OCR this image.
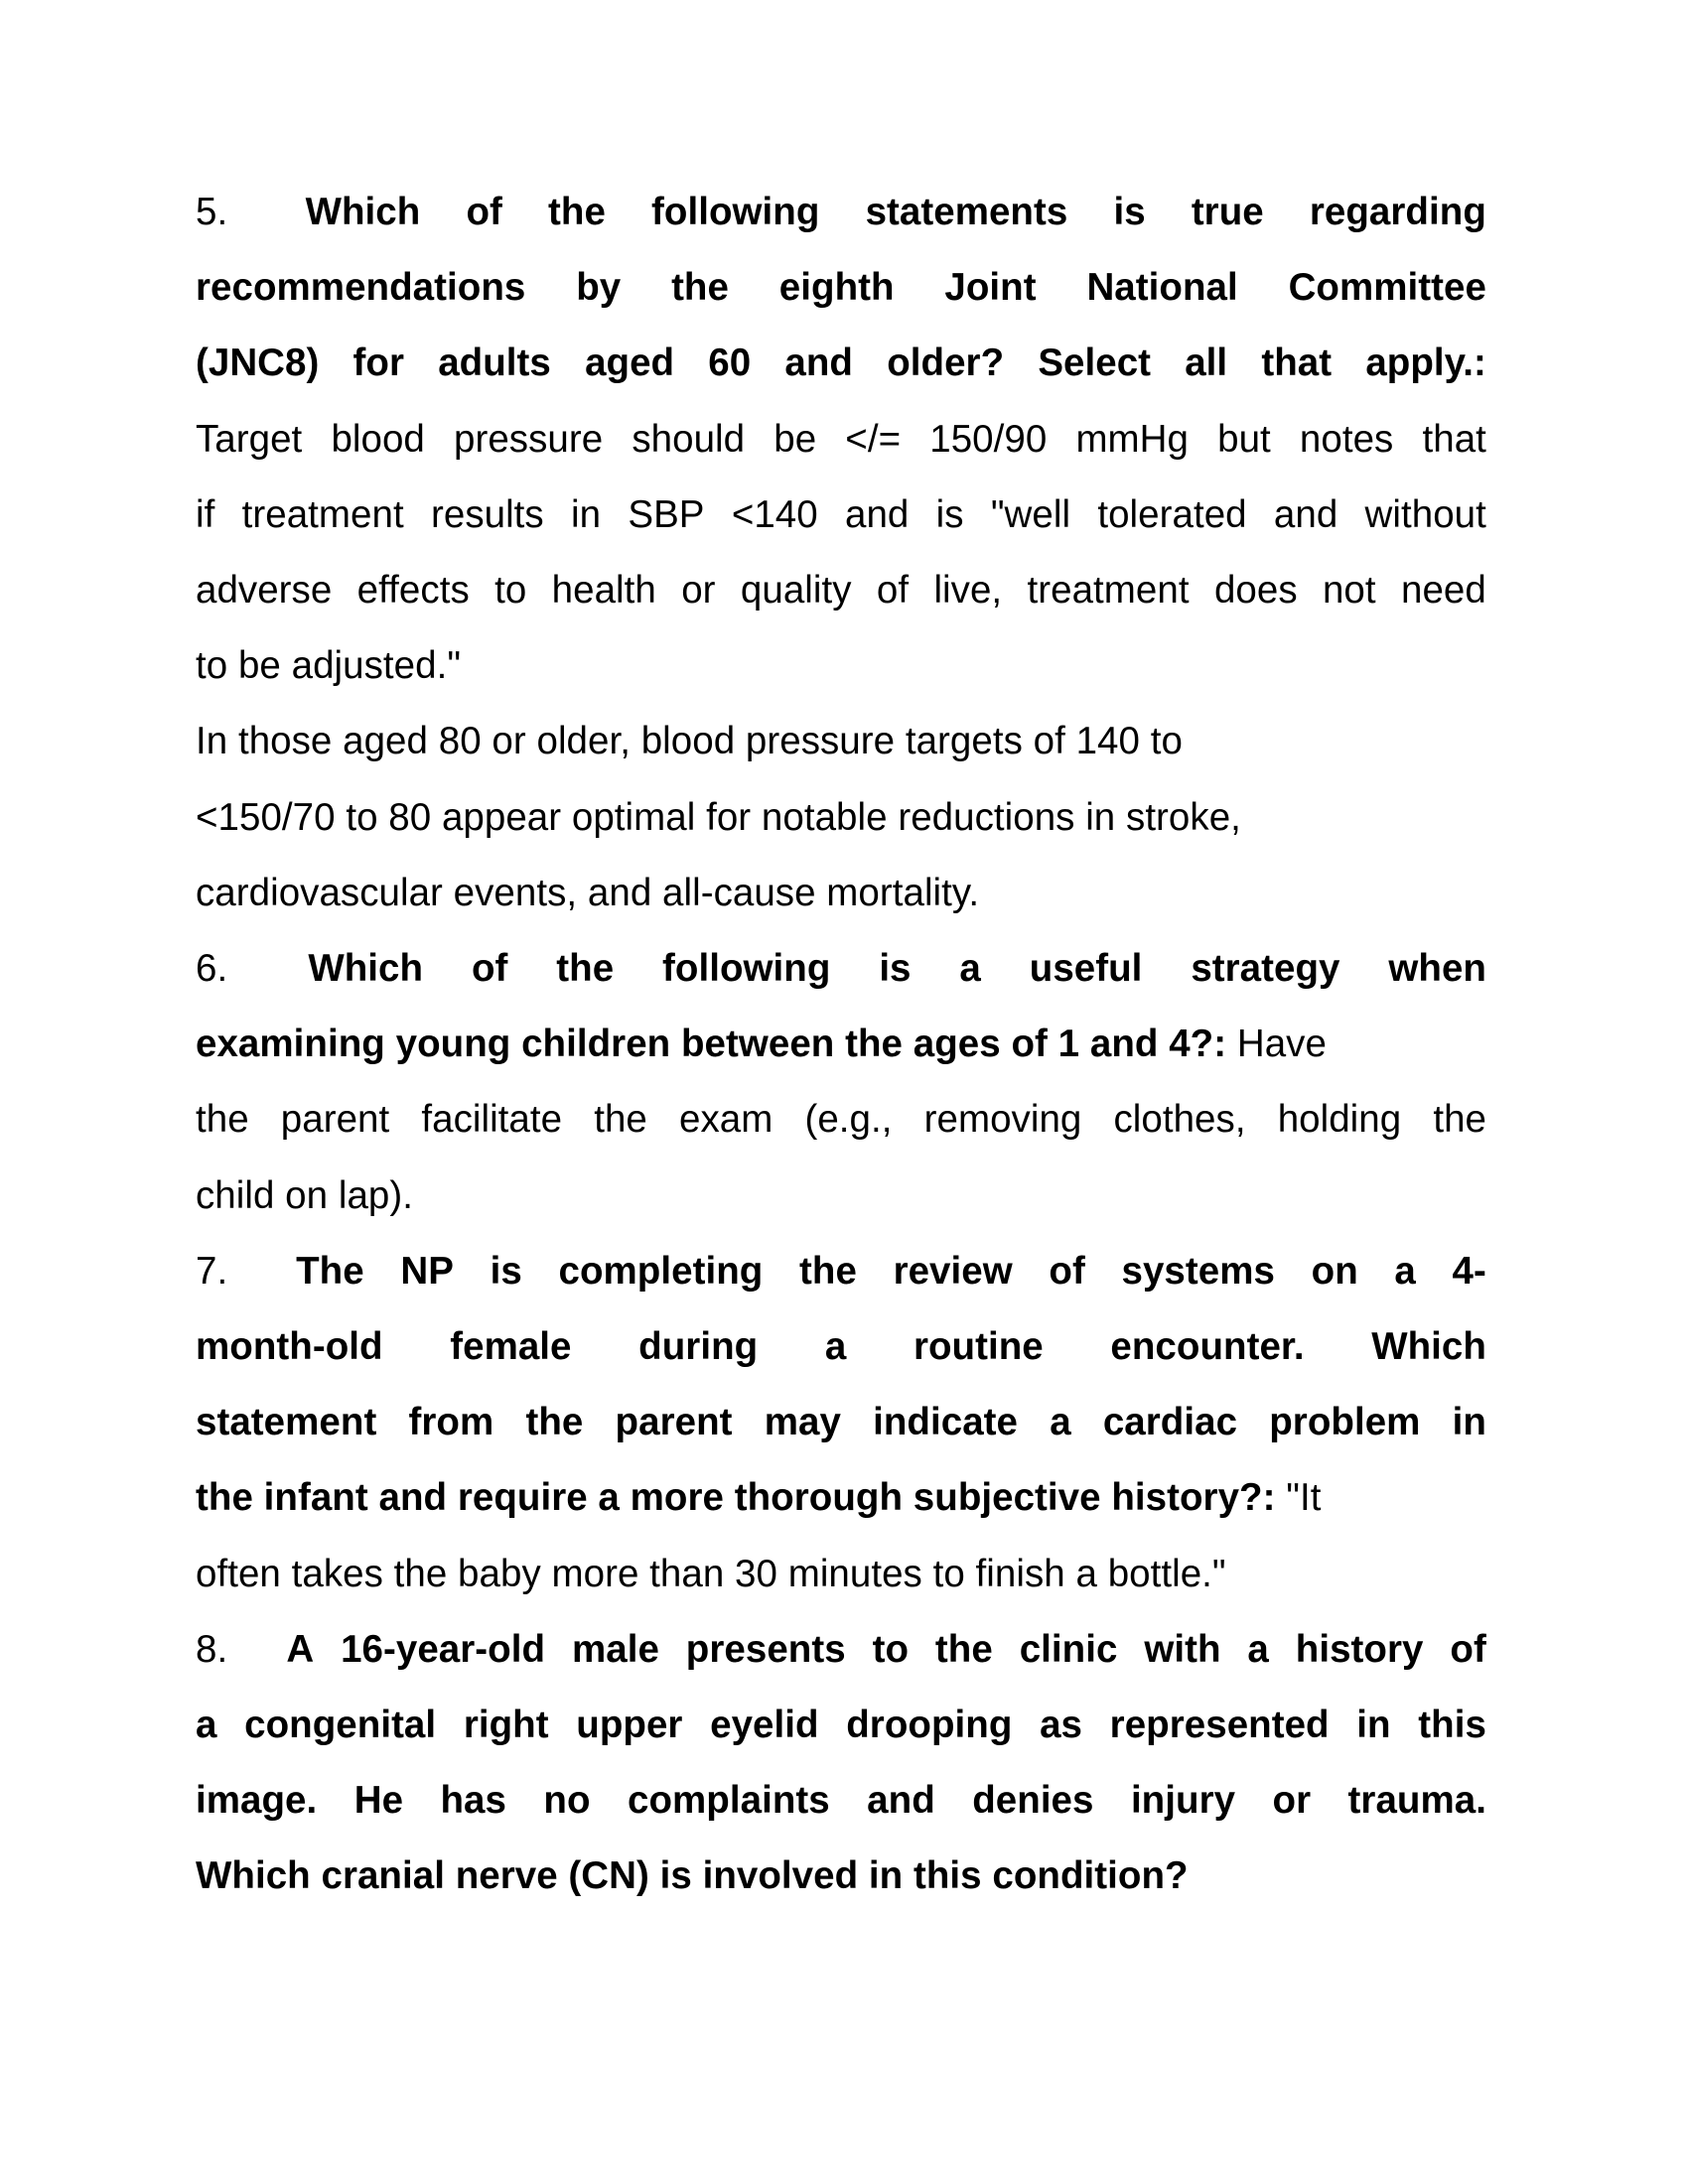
5. Which of the following statements is true regarding
recommendations by the eighth Joint National Committee
(JNC8) for adults aged 60 and older? Select all that apply.:
Target blood pressure should be </= 150/90 mmHg but notes that
if treatment results in SBP <140 and is "well tolerated and without
adverse effects to health or quality of live, treatment does not need
to be adjusted."
In those aged 80 or older, blood pressure targets of 140 to
<150/70 to 80 appear optimal for notable reductions in stroke,
cardiovascular events, and all-cause mortality.
6. Which of the following is a useful strategy when
examining young children between the ages of 1 and 4?: Have
the parent facilitate the exam (e.g., removing clothes, holding the
child on lap).
7. The NP is completing the review of systems on a 4-
month-old female during a routine encounter. Which
statement from the parent may indicate a cardiac problem in
the infant and require a more thorough subjective history?: "It
often takes the baby more than 30 minutes to finish a bottle."
8. A 16-year-old male presents to the clinic with a history of
a congenital right upper eyelid drooping as represented in this
image. He has no complaints and denies injury or trauma.
Which cranial nerve (CN) is involved in this condition?
